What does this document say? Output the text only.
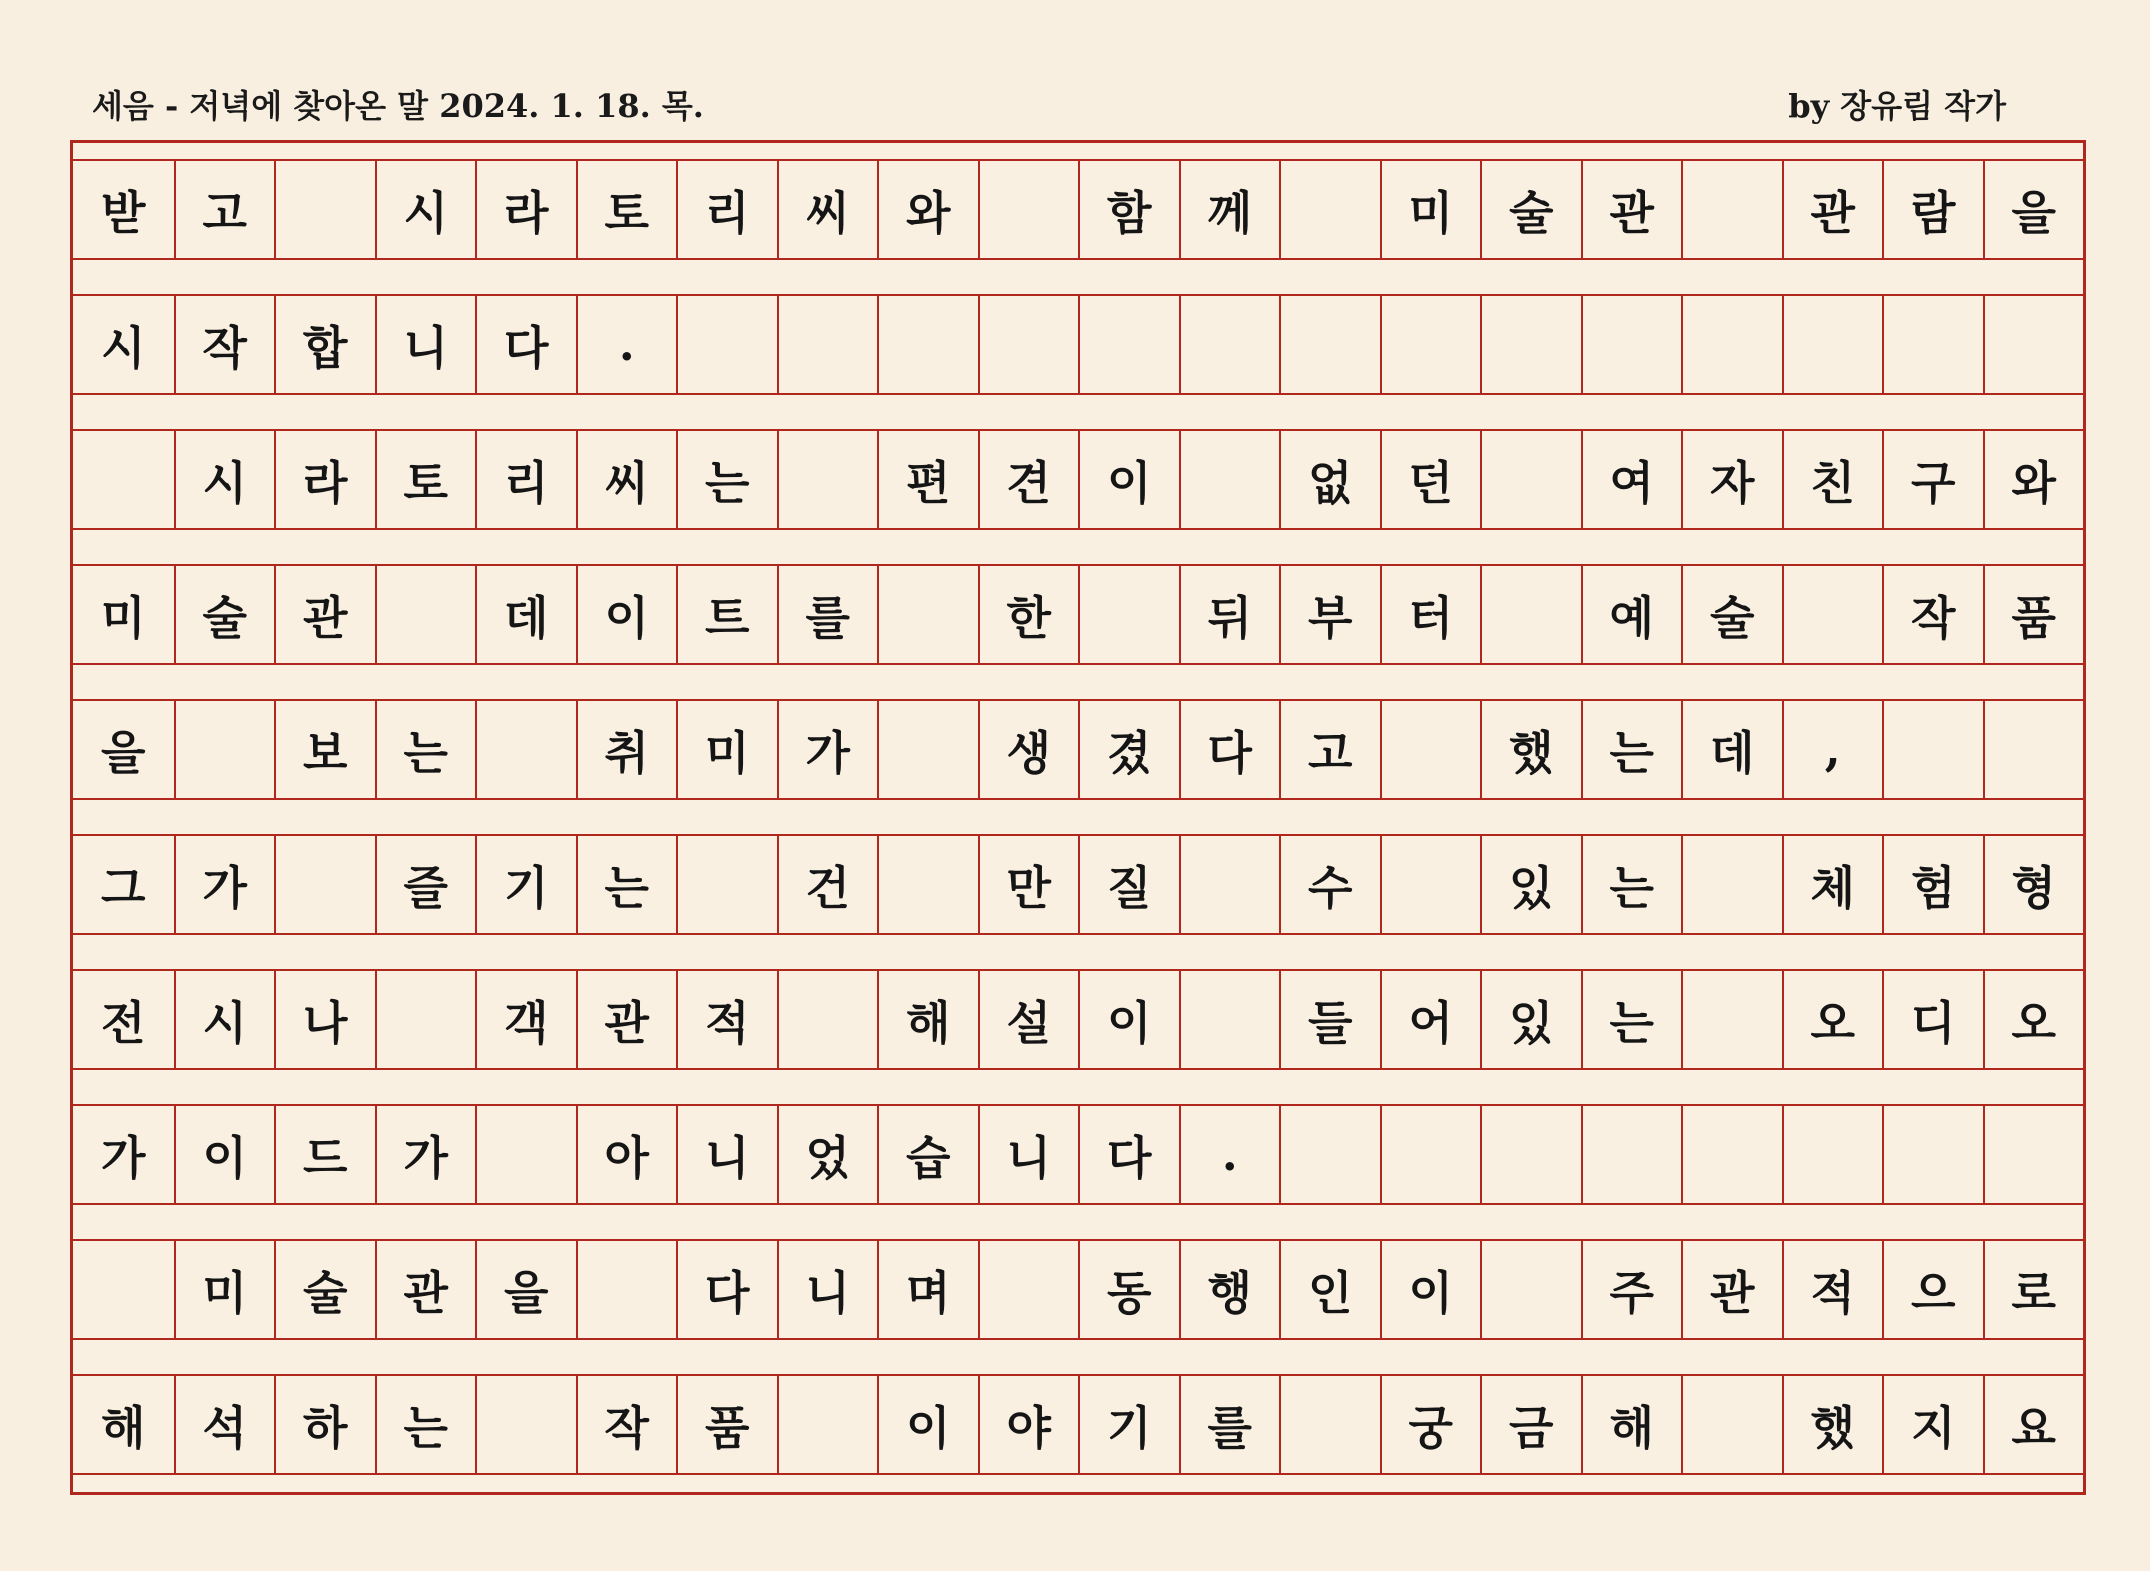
세음 - 저녁에 찾아온 말 2024. 1. 18. 목.	by 장유림 작가
받	고	시	라	토	리	씨	와	함	께	미	술	관	관	람	을
시	작	합	니	다	.
시	라	토	리	씨	는	편	견	이	없	던	여	자	친	구	와
미	술	관	데	이	트	를	한	뒤	부	터	예	술	작	품
을	보	는	취	미	가	생	겼	다	고	했	는	데	,
그	가	즐	기	는	건	만	질	수	있	는	체	험	형
전	시	나	객	관	적	해	설	이	들	어	있	는	오	디	오
가	이	드	가	아	니	었	습	니	다	.
미	술	관	을	다	니	며	동	행	인	이	주	관	적	으	로
해	석	하	는	작	품	이	야	기	를	궁	금	해	했	지	요
